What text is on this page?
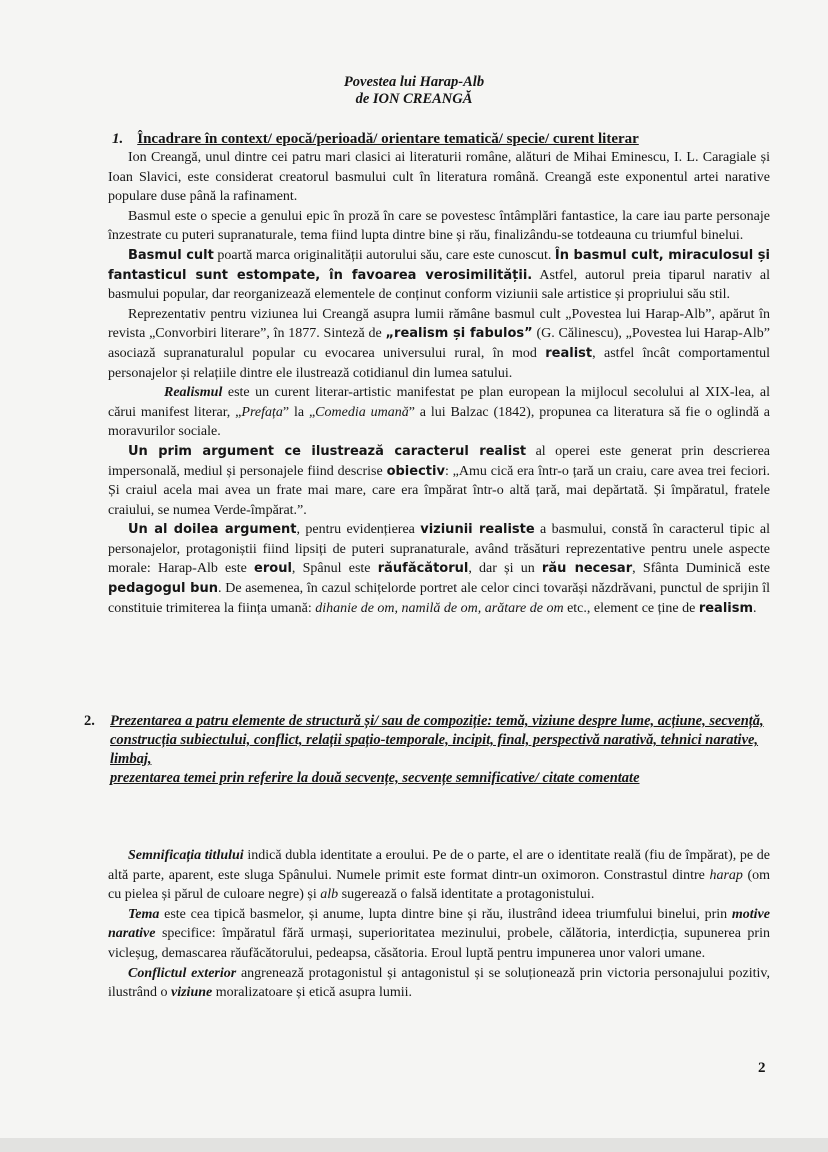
Povestea lui Harap-Alb
de ION CREANGĂ
1. Încadrare în context/ epocă/perioadă/ orientare tematică/ specie/ curent literar

Ion Creangă, unul dintre cei patru mari clasici ai literaturii române, alături de Mihai Eminescu, I. L. Caragiale și Ioan Slavici, este considerat creatorul basmului cult în literatura română. Creangă este exponentul artei narative populare duse până la rafinament.

Basmul este o specie a genului epic în proză în care se povestesc întâmplări fantastice, la care iau parte personaje înzestrate cu puteri supranaturale, tema fiind lupta dintre bine și rău, finalizându-se totdeauna cu triumful binelui.

Basmul cult poartă marca originalității autorului său, care este cunoscut. În basmul cult, miraculosul și fantasticul sunt estompate, în favoarea verosimilității. Astfel, autorul preia tiparul narativ al basmului popular, dar reorganizează elementele de conținut conform viziunii sale artistice și propriului său stil.

Reprezentativ pentru viziunea lui Creangă asupra lumii rămâne basmul cult „Povestea lui Harap-Alb”, apărut în revista „Convorbiri literare”, în 1877. Sinteză de „realism și fabulos” (G. Călinescu), „Povestea lui Harap-Alb” asociază supranaturalul popular cu evocarea universului rural, în mod realist, astfel încât comportamentul personajelor și relațiile dintre ele ilustrează cotidianul din lumea satului.

Realismul este un curent literar-artistic manifestat pe plan european la mijlocul secolului al XIX-lea, al cărui manifest literar, „Prefața” la „Comedia umană” a lui Balzac (1842), propunea ca literatura să fie o oglindă a moravurilor sociale.

Un prim argument ce ilustrează caracterul realist al operei este generat prin descrierea impersonală, mediul și personajele fiind descrise obiectiv: „Amu cică era într-o țară un craiu, care avea trei feciori. Și craiul acela mai avea un frate mai mare, care era împărat într-o altă țară, mai depărtată. Și împăratul, fratele craiului, se numea Verde-împărat.”.

Un al doilea argument, pentru evidențierea viziunii realiste a basmului, constă în caracterul tipic al personajelor, protagoniștii fiind lipsiți de puteri supranaturale, având trăsături reprezentative pentru unele aspecte morale: Harap-Alb este eroul, Spânul este răufăcătorul, dar și un rău necesar, Sfânta Duminică este pedagogul bun. De asemenea, în cazul schițelorde portret ale celor cinci tovarăși năzdrăvani, punctul de sprijin îl constituie trimiterea la ființa umană: dihanie de om, namilă de om, arătare de om etc., element ce ține de realism.

2. Prezentarea a patru elemente de structură și/ sau de compoziție: temă, viziune despre lume, acțiune, secvență, construcția subiectului, conflict, relații spațio-temporale, incipit, final, perspectivă narativă, tehnici narative, limbaj,
prezentarea temei prin referire la două secvențe, secvențe semnificative/ citate comentate

Semnificația titlului indică dubla identitate a eroului. Pe de o parte, el are o identitate reală (fiu de împărat), pe de altă parte, aparent, este sluga Spânului. Numele primit este format dintr-un oximoron. Constrastul dintre harap (om cu pielea și părul de culoare negre) și alb sugerează o falsă identitate a protagonistului.

Tema este cea tipică basmelor, și anume, lupta dintre bine și rău, ilustrând ideea triumfului binelui, prin motive narative specifice: împăratul fără urmași, superioritatea mezinului, probele, călătoria, interdicția, supunerea prin vicleșug, demascarea răufăcătorului, pedeapsa, căsătoria. Eroul luptă pentru impunerea unor valori umane.

Conflictul exterior angrenează protagonistul și antagonistul și se soluționează prin victoria personajului pozitiv, ilustrând o viziune moralizatoare și etică asupra lumii.

2
